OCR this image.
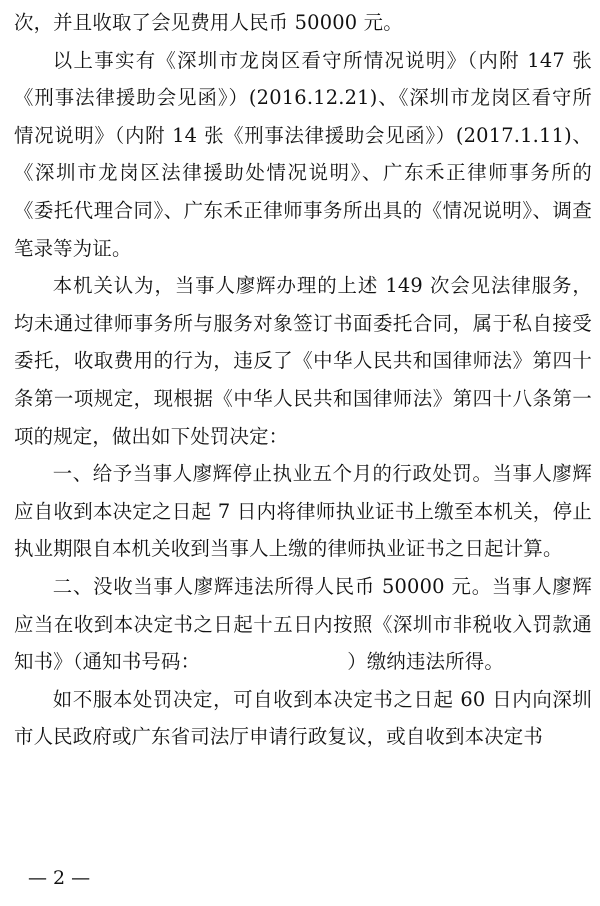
次，并且收取了会见费用人民币 50000 元。

以上事实有《深圳市龙岗区看守所情况说明》（内附 147 张《刑事法律援助会见函》）(2016.12.21)、《深圳市龙岗区看守所情况说明》（内附 14 张《刑事法律援助会见函》）(2017.1.11)、《深圳市龙岗区法律援助处情况说明》、广东禾正律师事务所的《委托代理合同》、广东禾正律师事务所出具的《情况说明》、调查笔录等为证。

本机关认为，当事人廖辉办理的上述 149 次会见法律服务，均未通过律师事务所与服务对象签订书面委托合同，属于私自接受委托，收取费用的行为，违反了《中华人民共和国律师法》第四十条第一项规定，现根据《中华人民共和国律师法》第四十八条第一项的规定，做出如下处罚决定：

一、给予当事人廖辉停止执业五个月的行政处罚。当事人廖辉应自收到本决定之日起 7 日内将律师执业证书上缴至本机关，停止执业期限自本机关收到当事人上缴的律师执业证书之日起计算。

二、没收当事人廖辉违法所得人民币 50000 元。当事人廖辉应当在收到本决定书之日起十五日内按照《深圳市非税收入罚款通知书》（通知书号码：　　　　　　　　）缴纳违法所得。

如不服本处罚决定，可自收到本决定书之日起 60 日内向深圳市人民政府或广东省司法厅申请行政复议，或自收到本决定书

— 2 —
